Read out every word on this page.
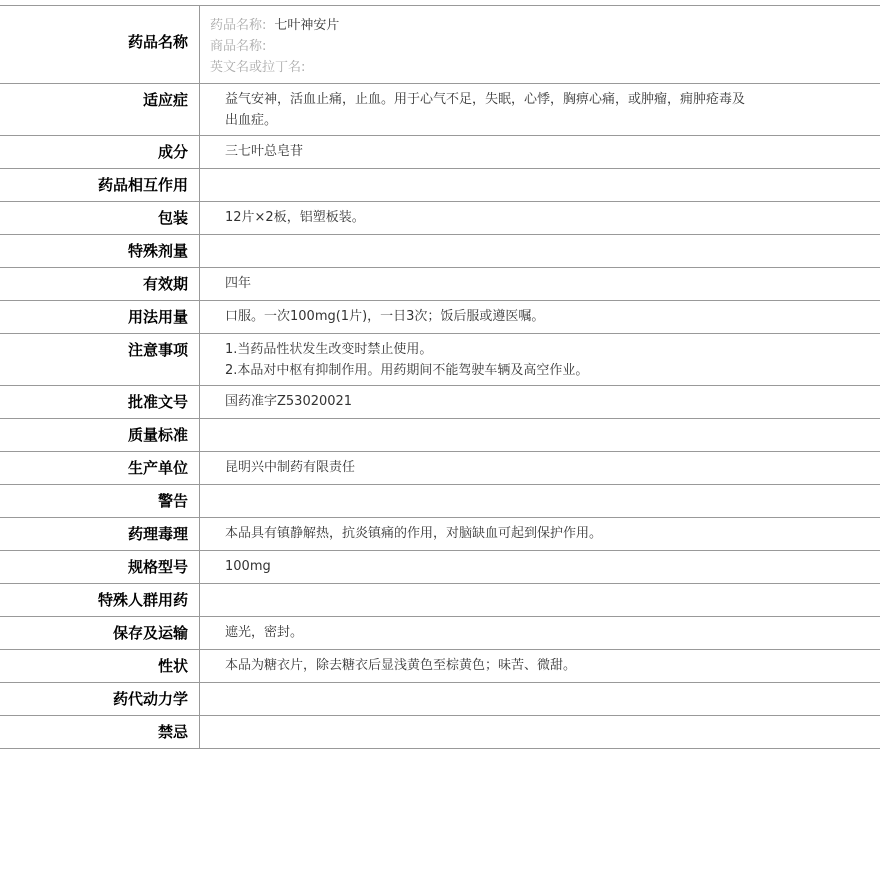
药品名称
药品名称: 七叶神安片
商品名称:
英文名或拉丁名:
适应症	益气安神，活血止痛，止血。用于心气不足，失眠，心悸，胸痹心痛，或肿瘤，痈肿疮毒及
出血症。
成分	三七叶总皂苷
药品相互作用
包装	12片×2板，铝塑板装。
特殊剂量
有效期	四年
用法用量	口服。一次100mg(1片)，一日3次；饭后服或遵医嘱。
注意事项	1.当药品性状发生改变时禁止使用。
2.本品对中枢有抑制作用。用药期间不能驾驶车辆及高空作业。
批准文号	国药准字Z53020021
质量标准
生产单位	昆明兴中制药有限责任
警告
药理毒理	本品具有镇静解热，抗炎镇痛的作用，对脑缺血可起到保护作用。
规格型号	100mg
特殊人群用药
保存及运输	遮光，密封。
性状	本品为糖衣片，除去糖衣后显浅黄色至棕黄色；味苦、微甜。
药代动力学
禁忌
